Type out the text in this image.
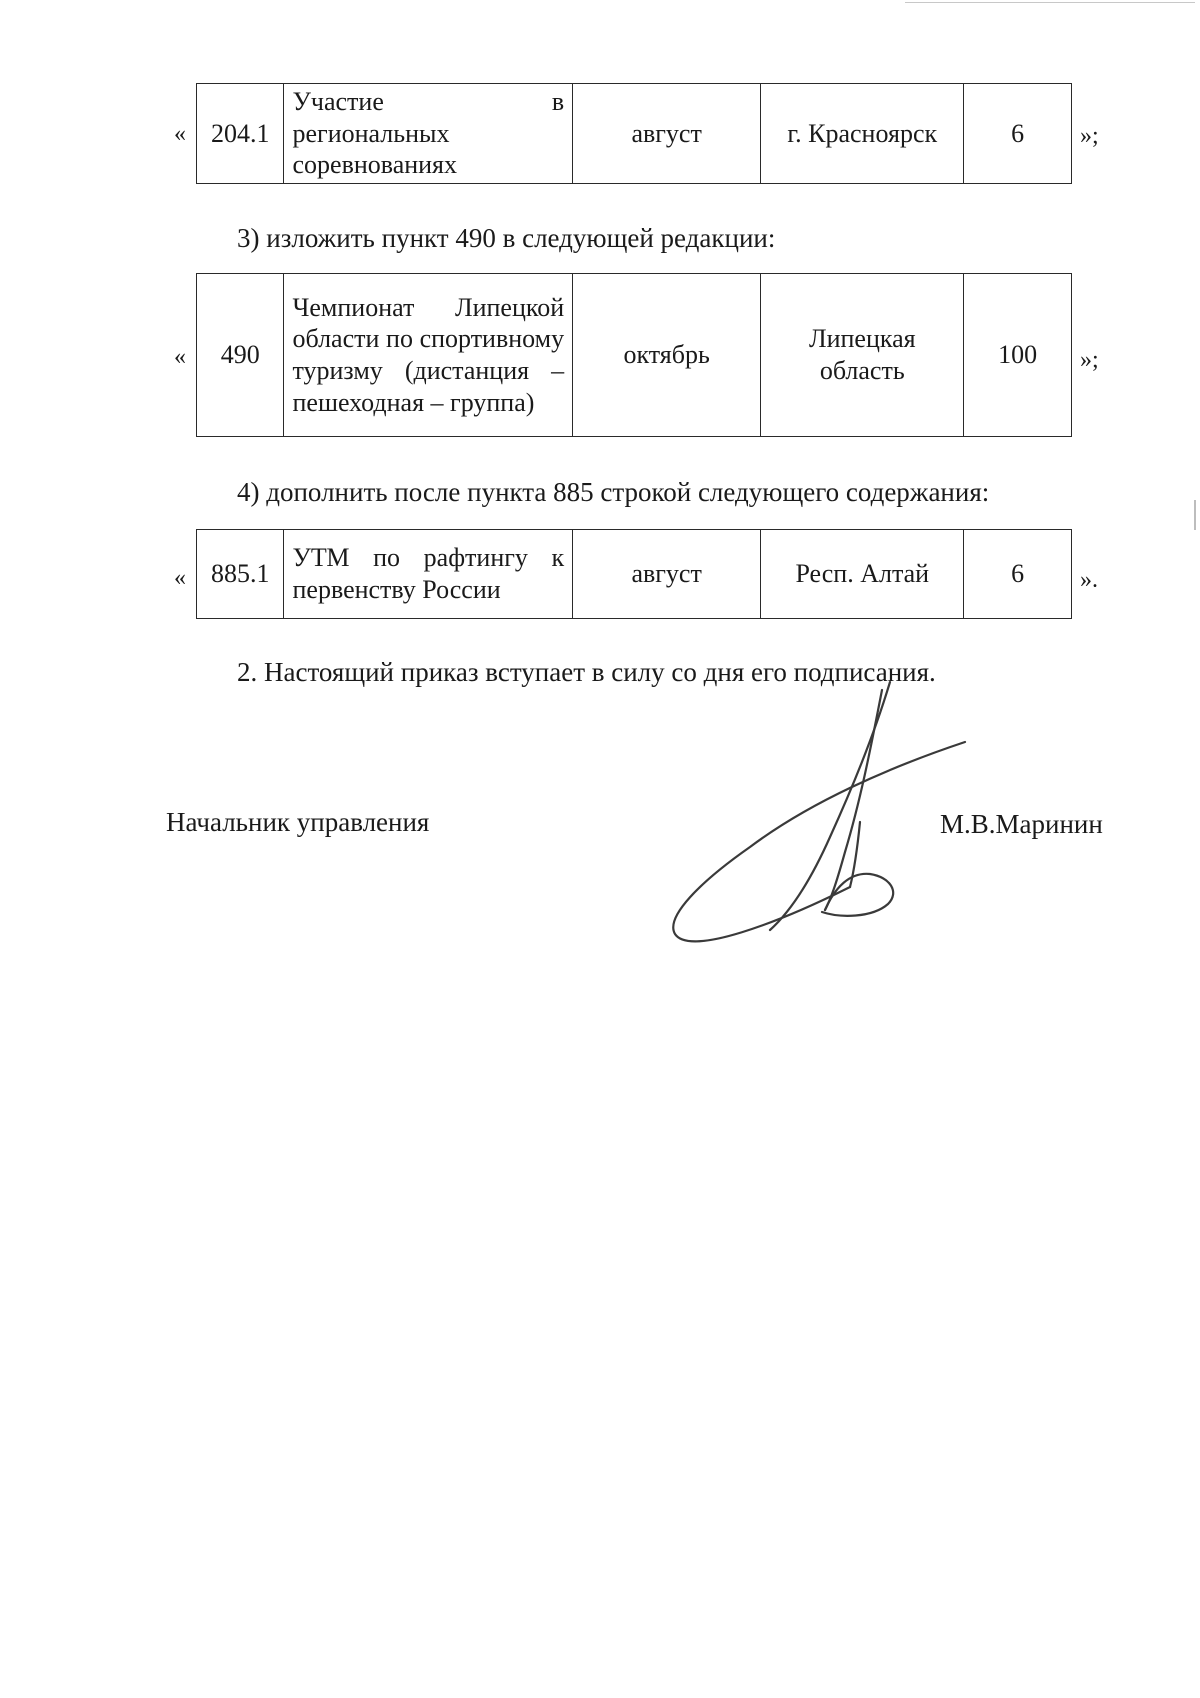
« 204.1	Участие в региональных соревнованиях	август	г. Красноярск	6 »;
3) изложить пункт 490 в следующей редакции:
« 490	Чемпионат Липецкой области по спортивному туризму (дистанция – пешеходная – группа)	октябрь	Липецкая область	100 »;
4) дополнить после пункта 885 строкой следующего содержания:
« 885.1	УТМ по рафтингу к первенству России	август	Респ. Алтай	6 ».
2. Настоящий приказ вступает в силу со дня его подписания.
Начальник управления	М.В.Маринин
